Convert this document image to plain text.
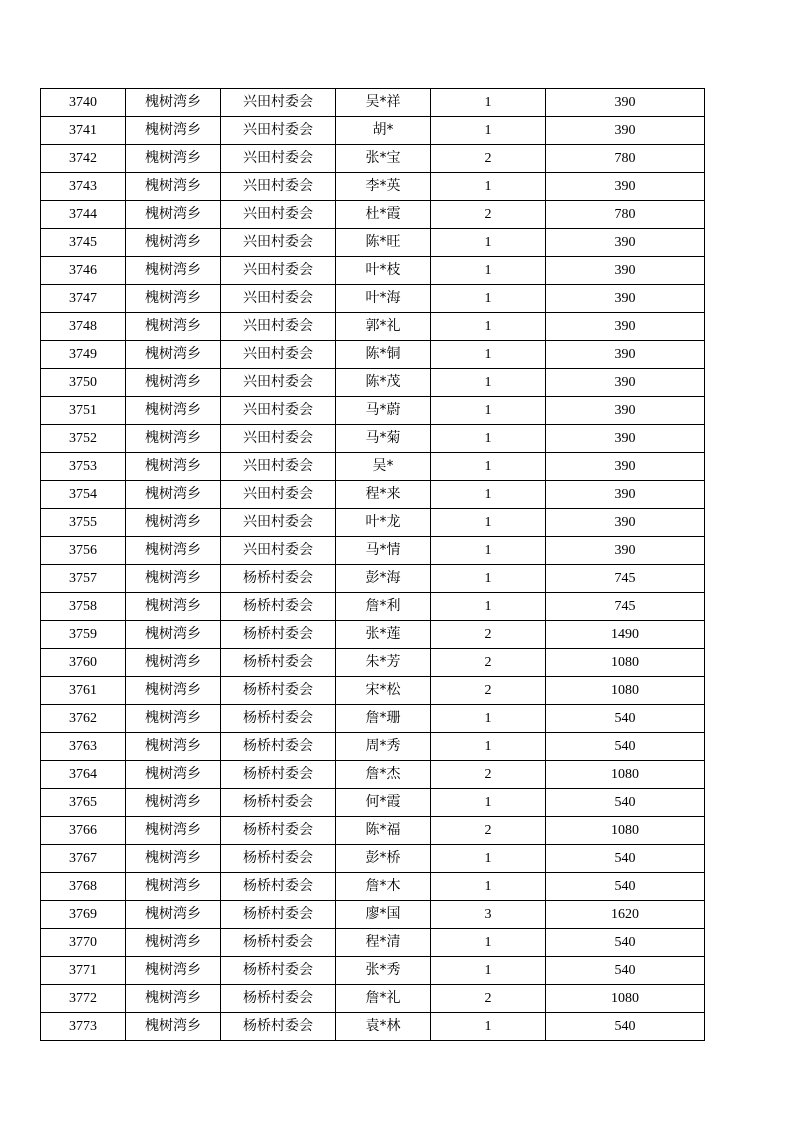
3740	槐树湾乡	兴田村委会	吴*祥	1	390
3741	槐树湾乡	兴田村委会	胡*	1	390
3742	槐树湾乡	兴田村委会	张*宝	2	780
3743	槐树湾乡	兴田村委会	李*英	1	390
3744	槐树湾乡	兴田村委会	杜*霞	2	780
3745	槐树湾乡	兴田村委会	陈*旺	1	390
3746	槐树湾乡	兴田村委会	叶*枝	1	390
3747	槐树湾乡	兴田村委会	叶*海	1	390
3748	槐树湾乡	兴田村委会	郭*礼	1	390
3749	槐树湾乡	兴田村委会	陈*铜	1	390
3750	槐树湾乡	兴田村委会	陈*茂	1	390
3751	槐树湾乡	兴田村委会	马*蔚	1	390
3752	槐树湾乡	兴田村委会	马*菊	1	390
3753	槐树湾乡	兴田村委会	吴*	1	390
3754	槐树湾乡	兴田村委会	程*来	1	390
3755	槐树湾乡	兴田村委会	叶*龙	1	390
3756	槐树湾乡	兴田村委会	马*情	1	390
3757	槐树湾乡	杨桥村委会	彭*海	1	745
3758	槐树湾乡	杨桥村委会	詹*利	1	745
3759	槐树湾乡	杨桥村委会	张*莲	2	1490
3760	槐树湾乡	杨桥村委会	朱*芳	2	1080
3761	槐树湾乡	杨桥村委会	宋*松	2	1080
3762	槐树湾乡	杨桥村委会	詹*珊	1	540
3763	槐树湾乡	杨桥村委会	周*秀	1	540
3764	槐树湾乡	杨桥村委会	詹*杰	2	1080
3765	槐树湾乡	杨桥村委会	何*霞	1	540
3766	槐树湾乡	杨桥村委会	陈*福	2	1080
3767	槐树湾乡	杨桥村委会	彭*桥	1	540
3768	槐树湾乡	杨桥村委会	詹*木	1	540
3769	槐树湾乡	杨桥村委会	廖*国	3	1620
3770	槐树湾乡	杨桥村委会	程*清	1	540
3771	槐树湾乡	杨桥村委会	张*秀	1	540
3772	槐树湾乡	杨桥村委会	詹*礼	2	1080
3773	槐树湾乡	杨桥村委会	袁*林	1	540
